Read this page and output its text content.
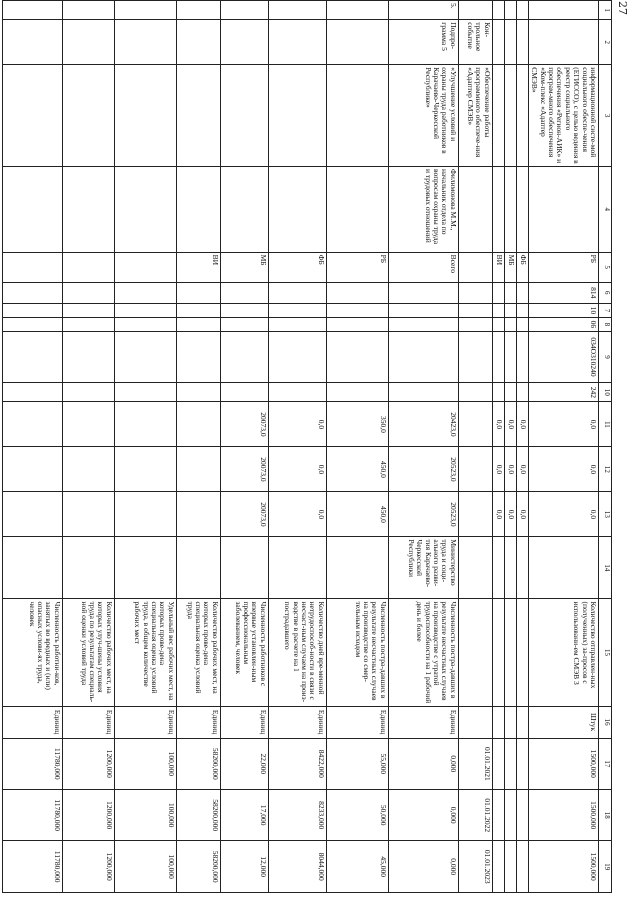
27
1	2	3	4	5	6	7	8	9	10	11	12	13	14	15	16	17	18	19
		информационной систе-мой социального обеспе-чения (ЕГИССО), с целью ведения в реестр социального обеспечения «Регион-АИК» и програм-много обеспечения «Ком-плекс «Адаптер СМЭВ»		РБ	814	10	06	034О310240	242	0,0	0,0	0,0		Количество отправлен-ных (полученных) за-просов с использовани-ем СМЭВ 3	Штук	1500,000	1500,000	1500,000
				ФБ						0,0	0,0	0,0						
				МБ						0,0	0,0	0,0						
				ВИ						0,0	0,0	0,0						
	Кон-трольное событие	«Обеспечение работы программного обеспече-ния «Адаптер СМЭВ»														01.01.2021	01.01.2022	01.01.2023
5.	Подпро-грамма 5	«Улучшение условий и охраны труда работников в Карачаево-Черкесской Республике»	Филимонова М.М., начальник отдела по вопросам охраны труда и трудовых отношений	Всего						20423,0	20523,0	20523,0	Министерство труда и соци-ального разви-тия Карачаево-Черкесской Республики	Численность пострa-давших в результате несчастных случаев на производстве с утратой трудоспособности на 1 рабочий день и более	Единиц	0,000	0,000	0,000
				РБ						350,0	450,0	450,0		Численность пострa-давших в результате несчастных случаев на производстве со смер-тельным исходом	Единиц	55,000	50,000	45,000
				ФБ						0,0	0,0	0,0		Количество дней вре-менной нетрудоспособ-ности в связи с несчаст-ным случаем на произ-водстве в расчете на 1 пострадавшего	Единиц	8422,000	8233,000	8044,000
				МБ						20073,0	20073,0	20073,0		Численность работников с впервые установлен-ным профессиональным заболеванием, человек	Единиц	22,000	17,000	12,000
				ВИ										Количество рабочих мест, на которых прове-дена специальная оценка условий труда	Единиц	58200,000	58200,000	58200,000
														Удельный вес рабочих мест, на которых прове-дена специальная оценка условий труда, в общем количестве рабочих мест	Единиц	100,000	100,000	100,000
														Количество рабочих мест, на которых улуч-шены условия труда по результатам специаль-ной оценки условий труда	Единиц	1200,000	1200,000	1200,000
														Численность работни-ков, занятых во вредных и (или) опасных услови-ях труда, человек	Единиц	11780,000	11780,000	11780,000
